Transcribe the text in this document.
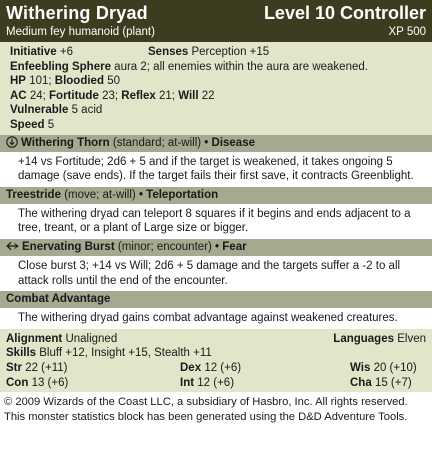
Withering Dryad	Level 10 Controller
Medium fey humanoid (plant)	XP 500
Initiative +6	Senses Perception +15
Enfeebling Sphere aura 2; all enemies within the aura are weakened.
HP 101; Bloodied 50
AC 24; Fortitude 23; Reflex 21; Will 22
Vulnerable 5 acid
Speed 5
Withering Thorn (standard; at-will) • Disease

+14 vs Fortitude; 2d6 + 5 and if the target is weakened, it takes ongoing 5 damage (save ends). If the target fails their first save, it contracts Greenblight.

Treestride (move; at-will) • Teleportation

The withering dryad can teleport 8 squares if it begins and ends adjacent to a tree, treant, or a plant of Large size or bigger.

Enervating Burst (minor; encounter) • Fear

Close burst 3; +14 vs Will; 2d6 + 5 damage and the targets suffer a -2 to all attack rolls until the end of the encounter.

Combat Advantage

The withering dryad gains combat advantage against weakened creatures.

Alignment Unaligned	Languages Elven
Skills
Bluff +12, Insight +15, Stealth +11
Str 22 (+11)	Dex 12 (+6)	Wis 20 (+10)
Con 13 (+6)	Int 12 (+6)	Cha 15 (+7)
© 2009 Wizards of the Coast LLC, a subsidiary of Hasbro, Inc. All rights reserved.
This monster statistics block has been generated using the D&D Adventure Tools.
